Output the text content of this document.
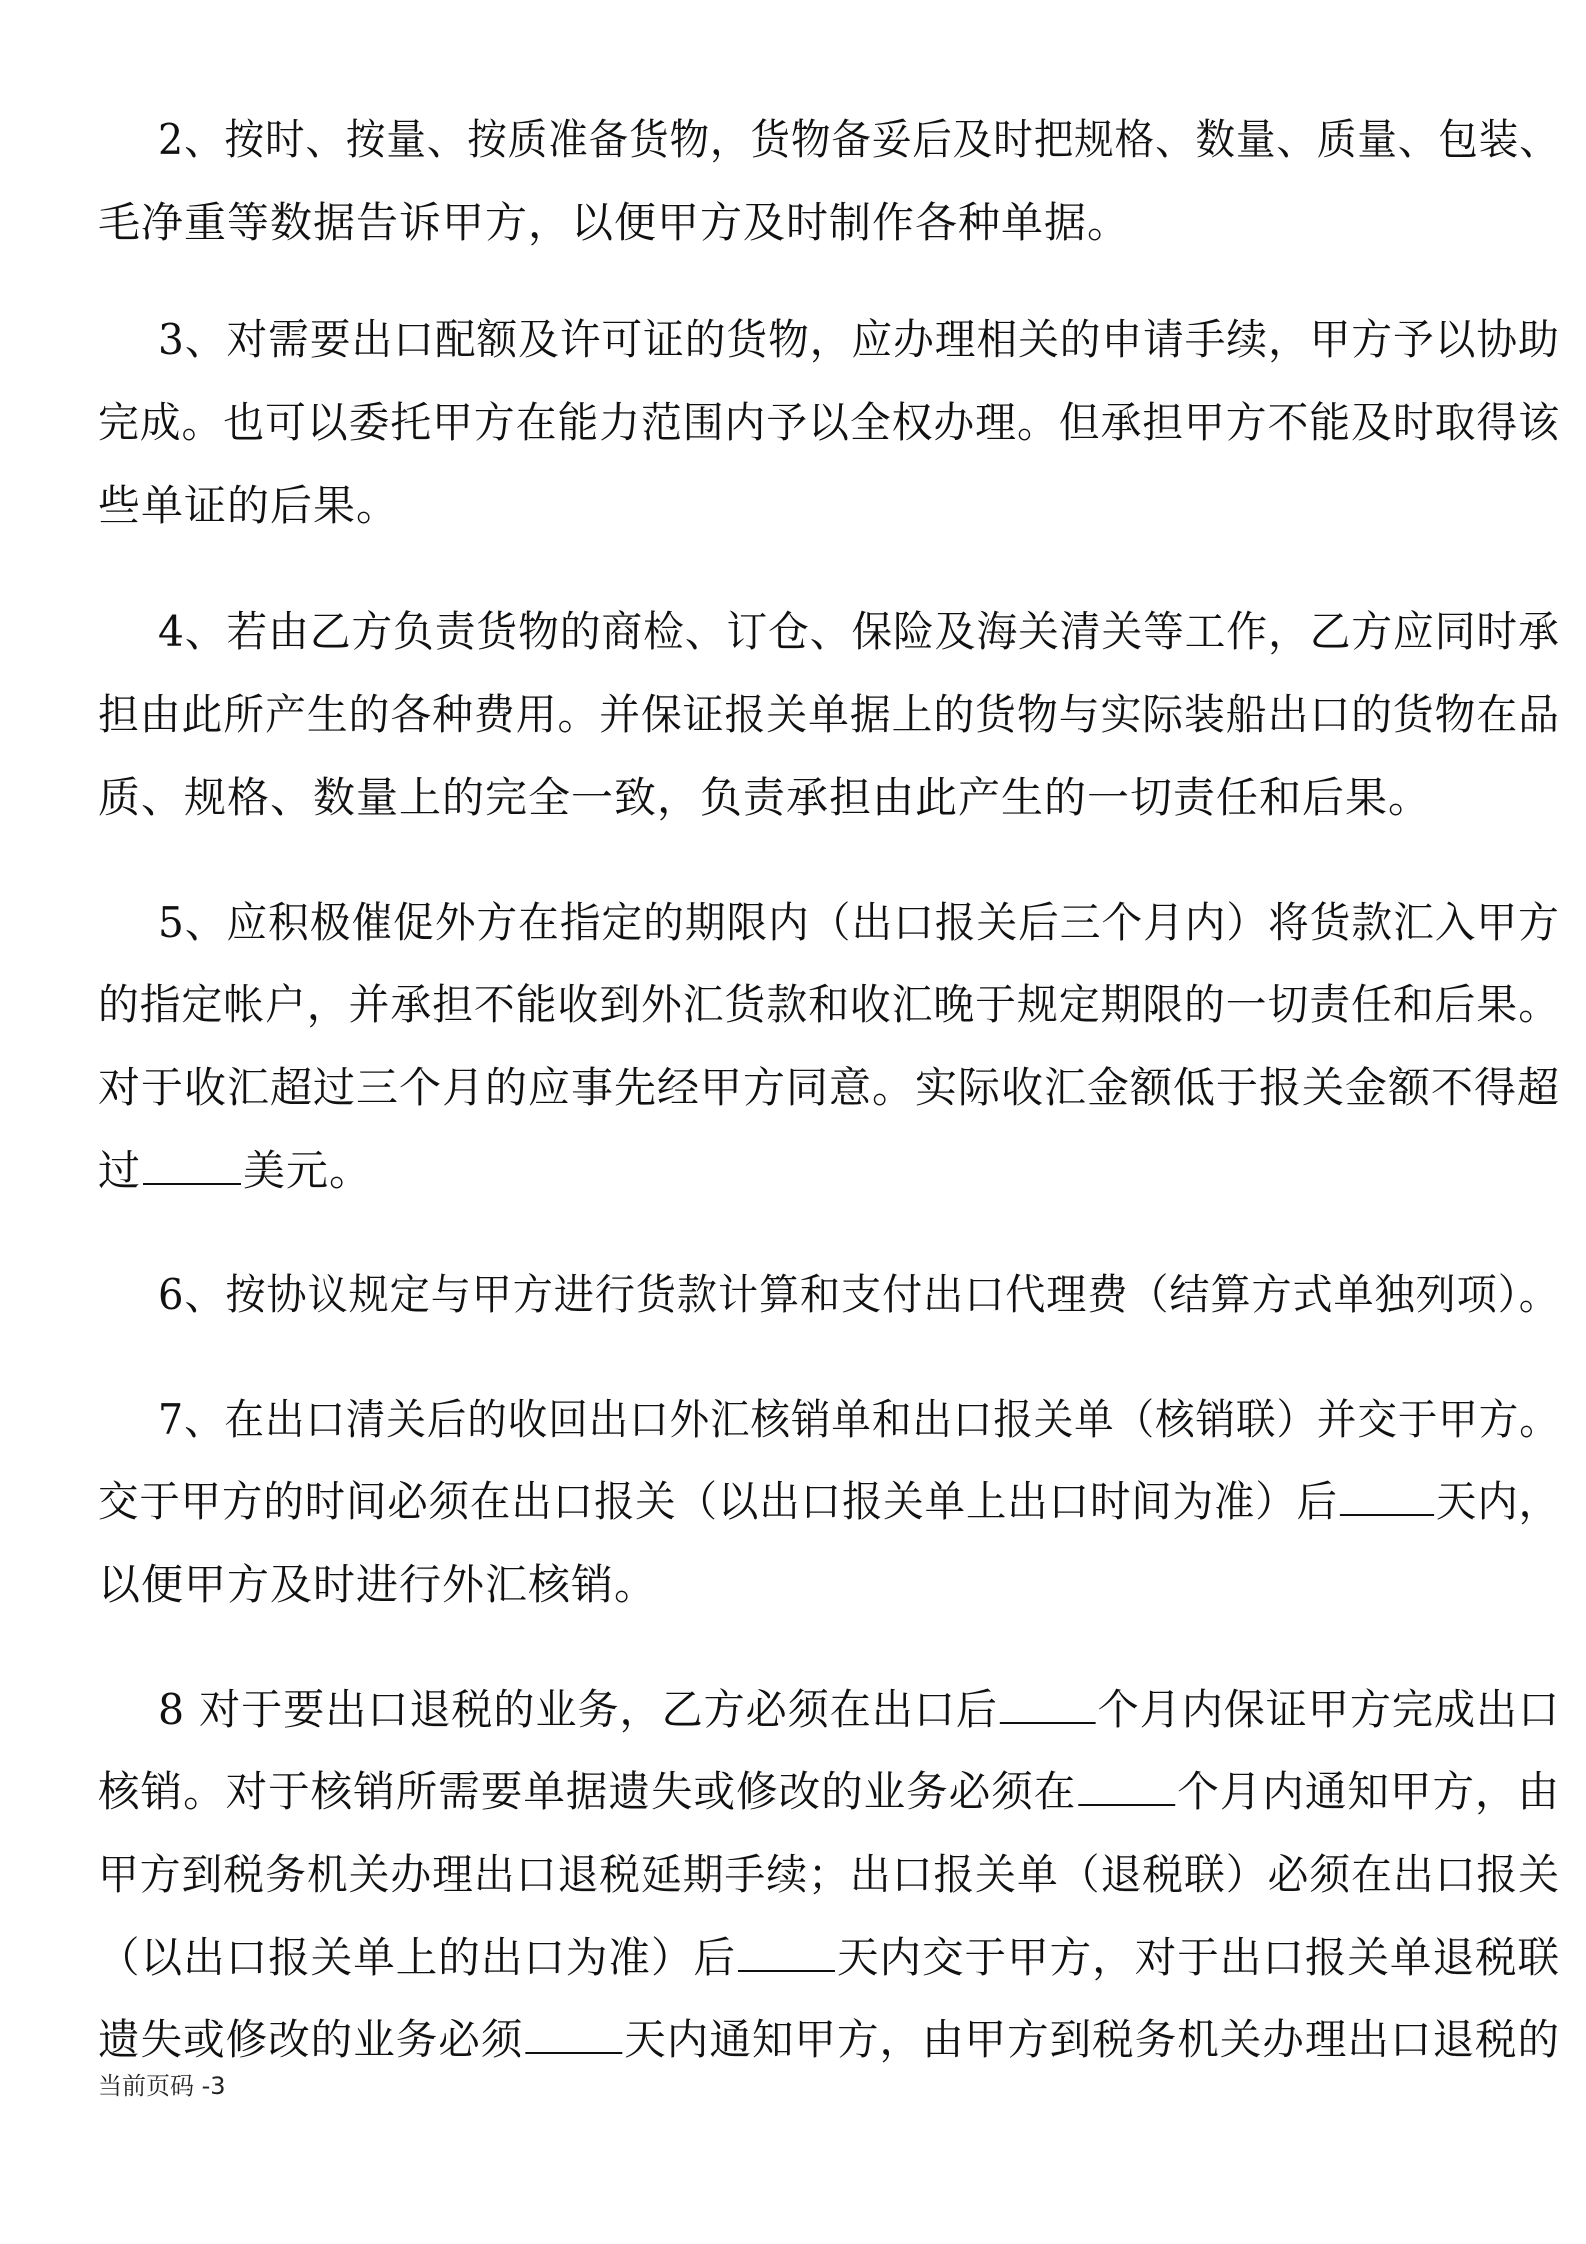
2、按时、按量、按质准备货物，货物备妥后及时把规格、数量、质量、包装、
毛净重等数据告诉甲方，以便甲方及时制作各种单据。
3、对需要出口配额及许可证的货物，应办理相关的申请手续，甲方予以协助
完成。也可以委托甲方在能力范围内予以全权办理。但承担甲方不能及时取得该
些单证的后果。
4、若由乙方负责货物的商检、订仓、保险及海关清关等工作，乙方应同时承
担由此所产生的各种费用。并保证报关单据上的货物与实际装船出口的货物在品
质、规格、数量上的完全一致，负责承担由此产生的一切责任和后果。
5、应积极催促外方在指定的期限内（出口报关后三个月内）将货款汇入甲方
的指定帐户，并承担不能收到外汇货款和收汇晚于规定期限的一切责任和后果。
对于收汇超过三个月的应事先经甲方同意。实际收汇金额低于报关金额不得超
过 美元。
6、按协议规定与甲方进行货款计算和支付出口代理费（结算方式单独列项）。
7、在出口清关后的收回出口外汇核销单和出口报关单（核销联）并交于甲方。
交于甲方的时间必须在出口报关（以出口报关单上出口时间为准）后 天内，
以便甲方及时进行外汇核销。
8 对于要出口退税的业务，乙方必须在出口后 个月内保证甲方完成出口
核销。对于核销所需要单据遗失或修改的业务必须在 个月内通知甲方，由
甲方到税务机关办理出口退税延期手续；出口报关单（退税联）必须在出口报关
（以出口报关单上的出口为准）后 天内交于甲方，对于出口报关单退税联
遗失或修改的业务必须 天内通知甲方，由甲方到税务机关办理出口退税的
当前页码 -3
